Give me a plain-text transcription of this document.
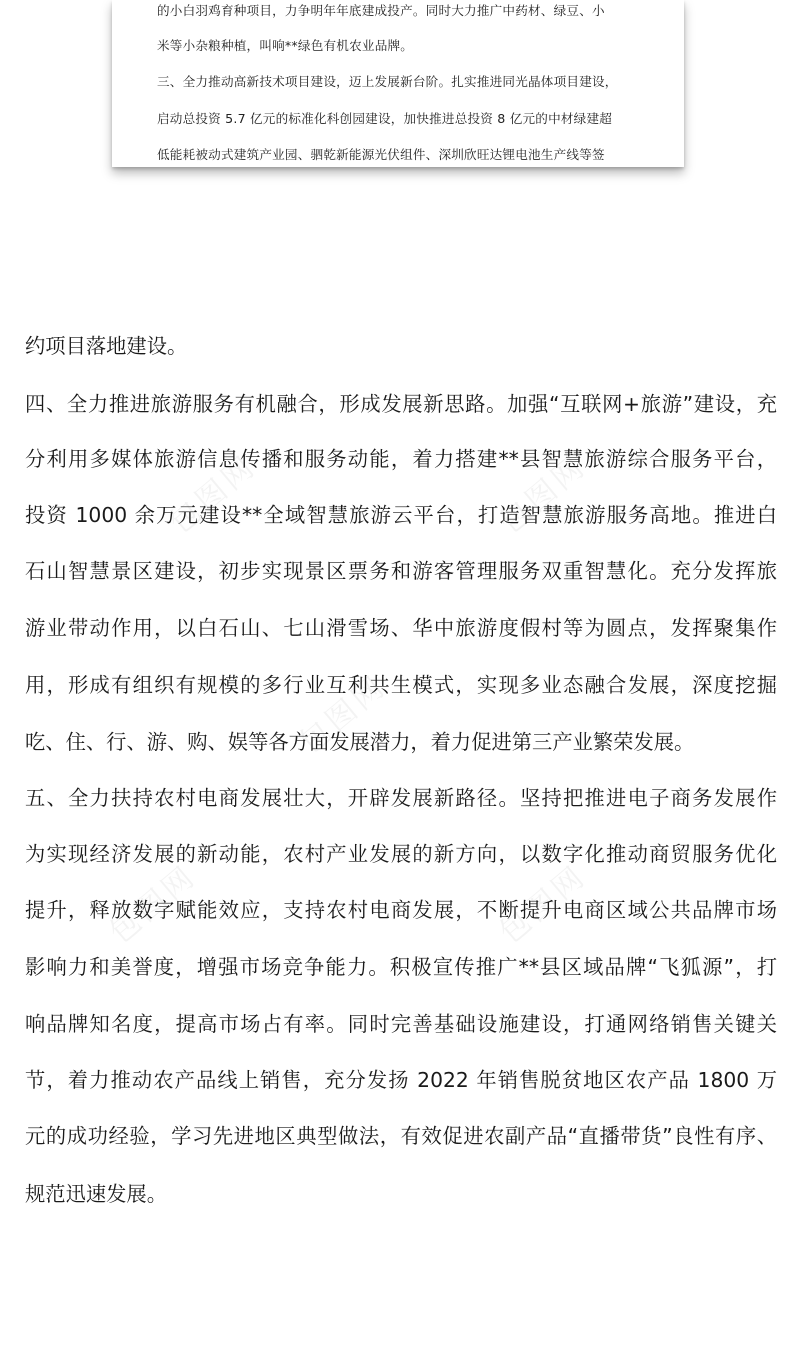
的小白羽鸡育种项目，力争明年年底建成投产。同时大力推广中药材、绿豆、小
米等小杂粮种植，叫响**绿色有机农业品牌。
三、全力推动高新技术项目建设，迈上发展新台阶。扎实推进同光晶体项目建设，
启动总投资 5.7 亿元的标准化科创园建设，加快推进总投资 8 亿元的中材绿建超
低能耗被动式建筑产业园、驷乾新能源光伏组件、深圳欣旺达锂电池生产线等签
包图网	包图网
包图网
包图网	包图网
约项目落地建设。
四、全力推进旅游服务有机融合，形成发展新思路。加强“互联网+旅游”建设，充
分利用多媒体旅游信息传播和服务动能，着力搭建**县智慧旅游综合服务平台，
投资 1000 余万元建设**全域智慧旅游云平台，打造智慧旅游服务高地。推进白
石山智慧景区建设，初步实现景区票务和游客管理服务双重智慧化。充分发挥旅
游业带动作用，以白石山、七山滑雪场、华中旅游度假村等为圆点，发挥聚集作
用，形成有组织有规模的多行业互利共生模式，实现多业态融合发展，深度挖掘
吃、住、行、游、购、娱等各方面发展潜力，着力促进第三产业繁荣发展。
五、全力扶持农村电商发展壮大，开辟发展新路径。坚持把推进电子商务发展作
为实现经济发展的新动能，农村产业发展的新方向，以数字化推动商贸服务优化
提升，释放数字赋能效应，支持农村电商发展，不断提升电商区域公共品牌市场
影响力和美誉度，增强市场竞争能力。积极宣传推广**县区域品牌“飞狐源”，打
响品牌知名度，提高市场占有率。同时完善基础设施建设，打通网络销售关键关
节，着力推动农产品线上销售，充分发扬 2022 年销售脱贫地区农产品 1800 万
元的成功经验，学习先进地区典型做法，有效促进农副产品“直播带货”良性有序、
规范迅速发展。
